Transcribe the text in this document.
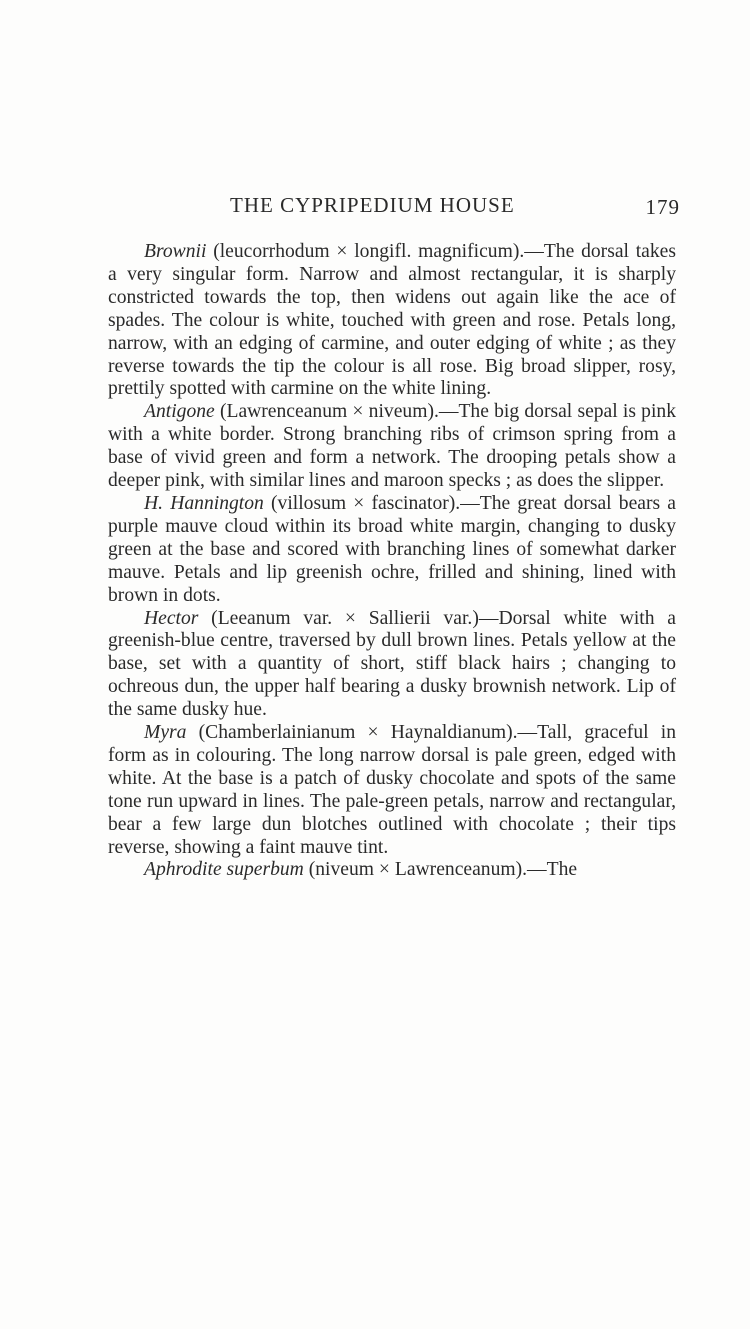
THE CYPRIPEDIUM HOUSE	179

Brownii (leucorrhodum × longifl. magnificum).—The dorsal takes a very singular form. Narrow and almost rectangular, it is sharply constricted towards the top, then widens out again like the ace of spades. The colour is white, touched with green and rose. Petals long, narrow, with an edging of carmine, and outer edging of white ; as they reverse towards the tip the colour is all rose. Big broad slipper, rosy, prettily spotted with carmine on the white lining.

Antigone (Lawrenceanum × niveum).—The big dorsal sepal is pink with a white border. Strong branching ribs of crimson spring from a base of vivid green and form a network. The drooping petals show a deeper pink, with similar lines and maroon specks ; as does the slipper.

H. Hannington (villosum × fascinator).—The great dorsal bears a purple mauve cloud within its broad white margin, changing to dusky green at the base and scored with branching lines of somewhat darker mauve. Petals and lip greenish ochre, frilled and shining, lined with brown in dots.

Hector (Leeanum var. × Sallierii var.)—Dorsal white with a greenish-blue centre, traversed by dull brown lines. Petals yellow at the base, set with a quantity of short, stiff black hairs ; changing to ochreous dun, the upper half bearing a dusky brownish network. Lip of the same dusky hue.

Myra (Chamberlainianum × Haynaldianum).—Tall, graceful in form as in colouring. The long narrow dorsal is pale green, edged with white. At the base is a patch of dusky chocolate and spots of the same tone run upward in lines. The pale-green petals, narrow and rectangular, bear a few large dun blotches outlined with chocolate ; their tips reverse, showing a faint mauve tint.

Aphrodite superbum (niveum × Lawrenceanum).—The
